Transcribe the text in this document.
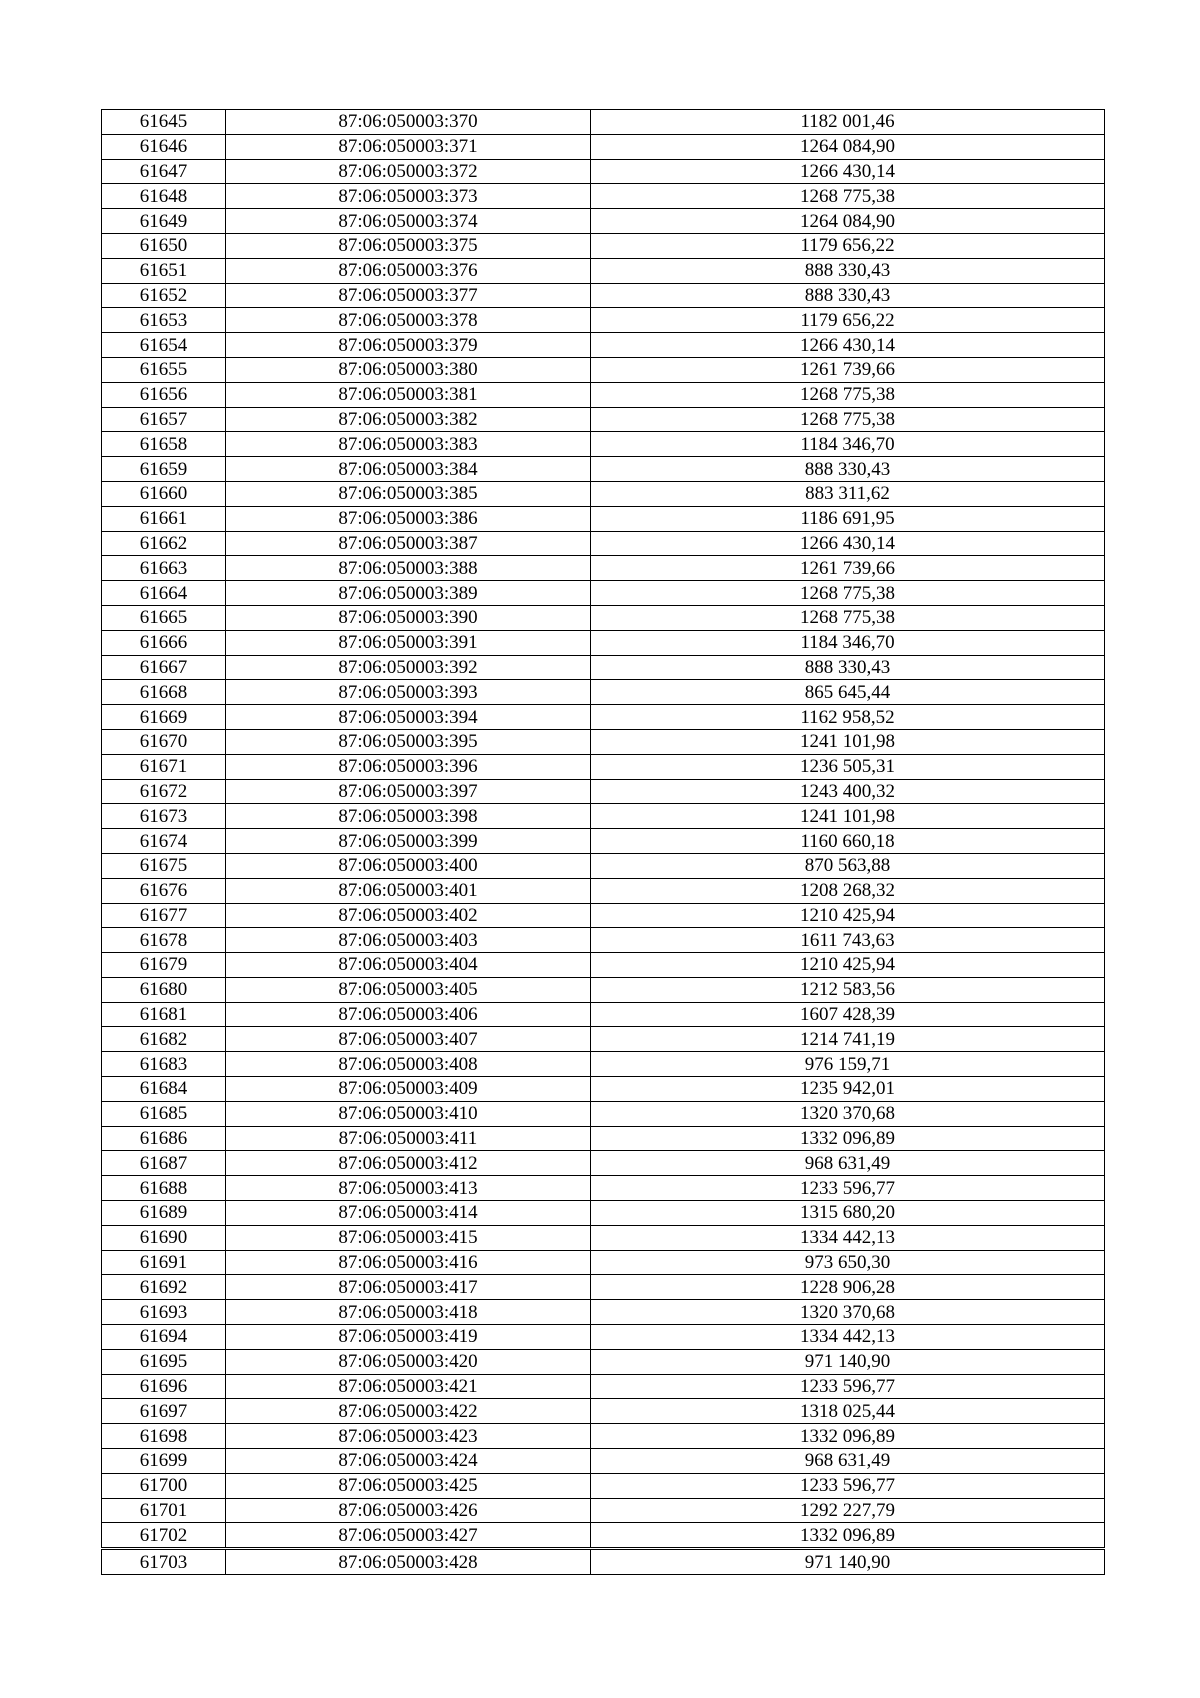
61645	87:06:050003:370	1182 001,46
61646	87:06:050003:371	1264 084,90
61647	87:06:050003:372	1266 430,14
61648	87:06:050003:373	1268 775,38
61649	87:06:050003:374	1264 084,90
61650	87:06:050003:375	1179 656,22
61651	87:06:050003:376	888 330,43
61652	87:06:050003:377	888 330,43
61653	87:06:050003:378	1179 656,22
61654	87:06:050003:379	1266 430,14
61655	87:06:050003:380	1261 739,66
61656	87:06:050003:381	1268 775,38
61657	87:06:050003:382	1268 775,38
61658	87:06:050003:383	1184 346,70
61659	87:06:050003:384	888 330,43
61660	87:06:050003:385	883 311,62
61661	87:06:050003:386	1186 691,95
61662	87:06:050003:387	1266 430,14
61663	87:06:050003:388	1261 739,66
61664	87:06:050003:389	1268 775,38
61665	87:06:050003:390	1268 775,38
61666	87:06:050003:391	1184 346,70
61667	87:06:050003:392	888 330,43
61668	87:06:050003:393	865 645,44
61669	87:06:050003:394	1162 958,52
61670	87:06:050003:395	1241 101,98
61671	87:06:050003:396	1236 505,31
61672	87:06:050003:397	1243 400,32
61673	87:06:050003:398	1241 101,98
61674	87:06:050003:399	1160 660,18
61675	87:06:050003:400	870 563,88
61676	87:06:050003:401	1208 268,32
61677	87:06:050003:402	1210 425,94
61678	87:06:050003:403	1611 743,63
61679	87:06:050003:404	1210 425,94
61680	87:06:050003:405	1212 583,56
61681	87:06:050003:406	1607 428,39
61682	87:06:050003:407	1214 741,19
61683	87:06:050003:408	976 159,71
61684	87:06:050003:409	1235 942,01
61685	87:06:050003:410	1320 370,68
61686	87:06:050003:411	1332 096,89
61687	87:06:050003:412	968 631,49
61688	87:06:050003:413	1233 596,77
61689	87:06:050003:414	1315 680,20
61690	87:06:050003:415	1334 442,13
61691	87:06:050003:416	973 650,30
61692	87:06:050003:417	1228 906,28
61693	87:06:050003:418	1320 370,68
61694	87:06:050003:419	1334 442,13
61695	87:06:050003:420	971 140,90
61696	87:06:050003:421	1233 596,77
61697	87:06:050003:422	1318 025,44
61698	87:06:050003:423	1332 096,89
61699	87:06:050003:424	968 631,49
61700	87:06:050003:425	1233 596,77
61701	87:06:050003:426	1292 227,79
61702	87:06:050003:427	1332 096,89
61703	87:06:050003:428	971 140,90
